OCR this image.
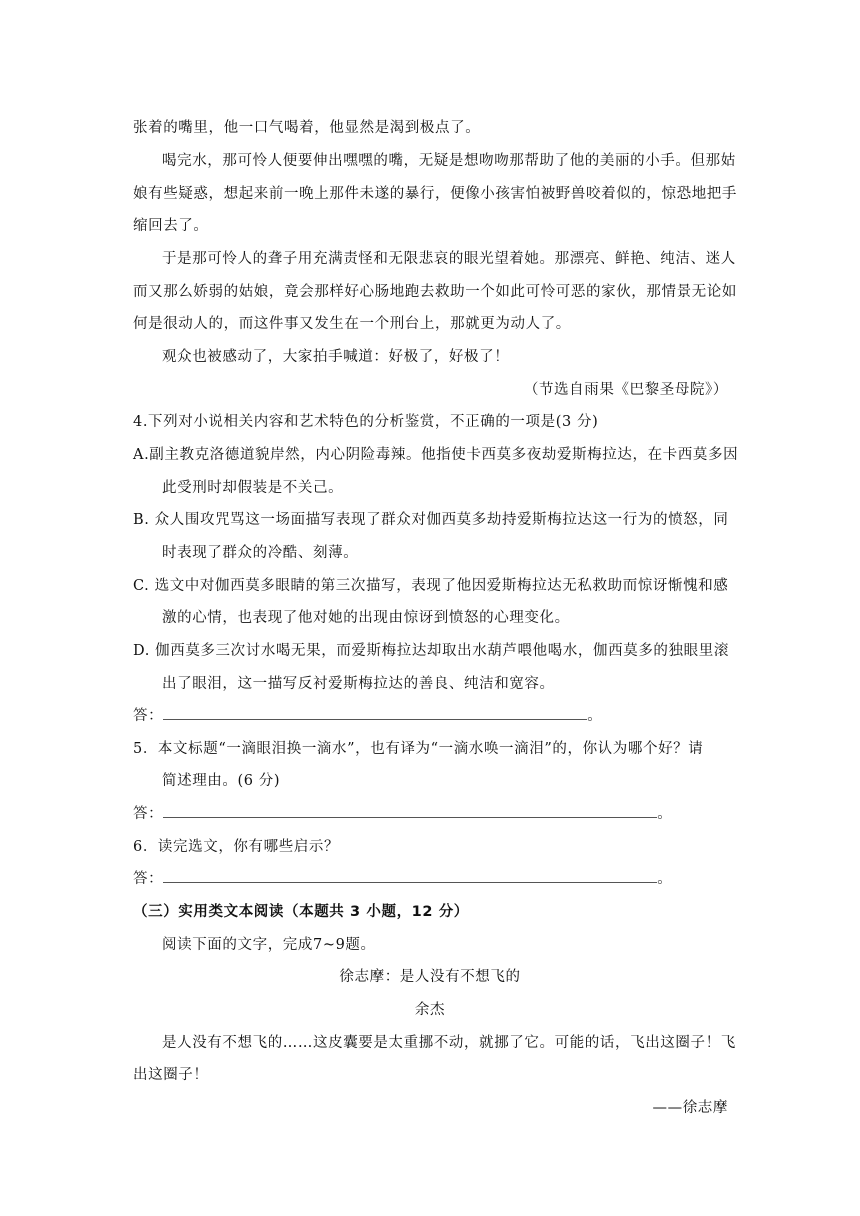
张着的嘴里，他一口气喝着，他显然是渴到极点了。
喝完水，那可怜人便要伸出嘿嘿的嘴，无疑是想吻吻那帮助了他的美丽的小手。但那姑
娘有些疑惑，想起来前一晚上那件未遂的暴行，便像小孩害怕被野兽咬着似的，惊恐地把手
缩回去了。
于是那可怜人的聋子用充满责怪和无限悲哀的眼光望着她。那漂亮、鲜艳、纯洁、迷人
而又那么娇弱的姑娘，竟会那样好心肠地跑去救助一个如此可怜可恶的家伙，那情景无论如
何是很动人的，而这件事又发生在一个刑台上，那就更为动人了。
观众也被感动了，大家拍手喊道：好极了，好极了！
（节选自雨果《巴黎圣母院》）
4.下列对小说相关内容和艺术特色的分析鉴赏，不正确的一项是(3 分)
A.副主教克洛德道貌岸然，内心阴险毒辣。他指使卡西莫多夜劫爱斯梅拉达，在卡西莫多因
此受刑时却假装是不关己。
B. 众人围攻咒骂这一场面描写表现了群众对伽西莫多劫持爱斯梅拉达这一行为的愤怒，同
时表现了群众的冷酷、刻薄。
C. 选文中对伽西莫多眼睛的第三次描写，表现了他因爱斯梅拉达无私救助而惊讶惭愧和感
激的心情，也表现了他对她的出现由惊讶到愤怒的心理变化。
D. 伽西莫多三次讨水喝无果，而爱斯梅拉达却取出水葫芦喂他喝水，伽西莫多的独眼里滚
出了眼泪，这一描写反衬爱斯梅拉达的善良、纯洁和宽容。
答：	。
5．本文标题“一滴眼泪换一滴水”，也有译为“一滴水唤一滴泪”的，你认为哪个好？请
简述理由。(6 分)
答：	。
6．读完选文，你有哪些启示？
答：	。
（三）实用类文本阅读（本题共 3 小题，12 分）
阅读下面的文字，完成7~9题。
徐志摩：是人没有不想飞的
余杰
是人没有不想飞的……这皮囊要是太重挪不动，就挪了它。可能的话，飞出这圈子！飞
出这圈子！
——徐志摩
